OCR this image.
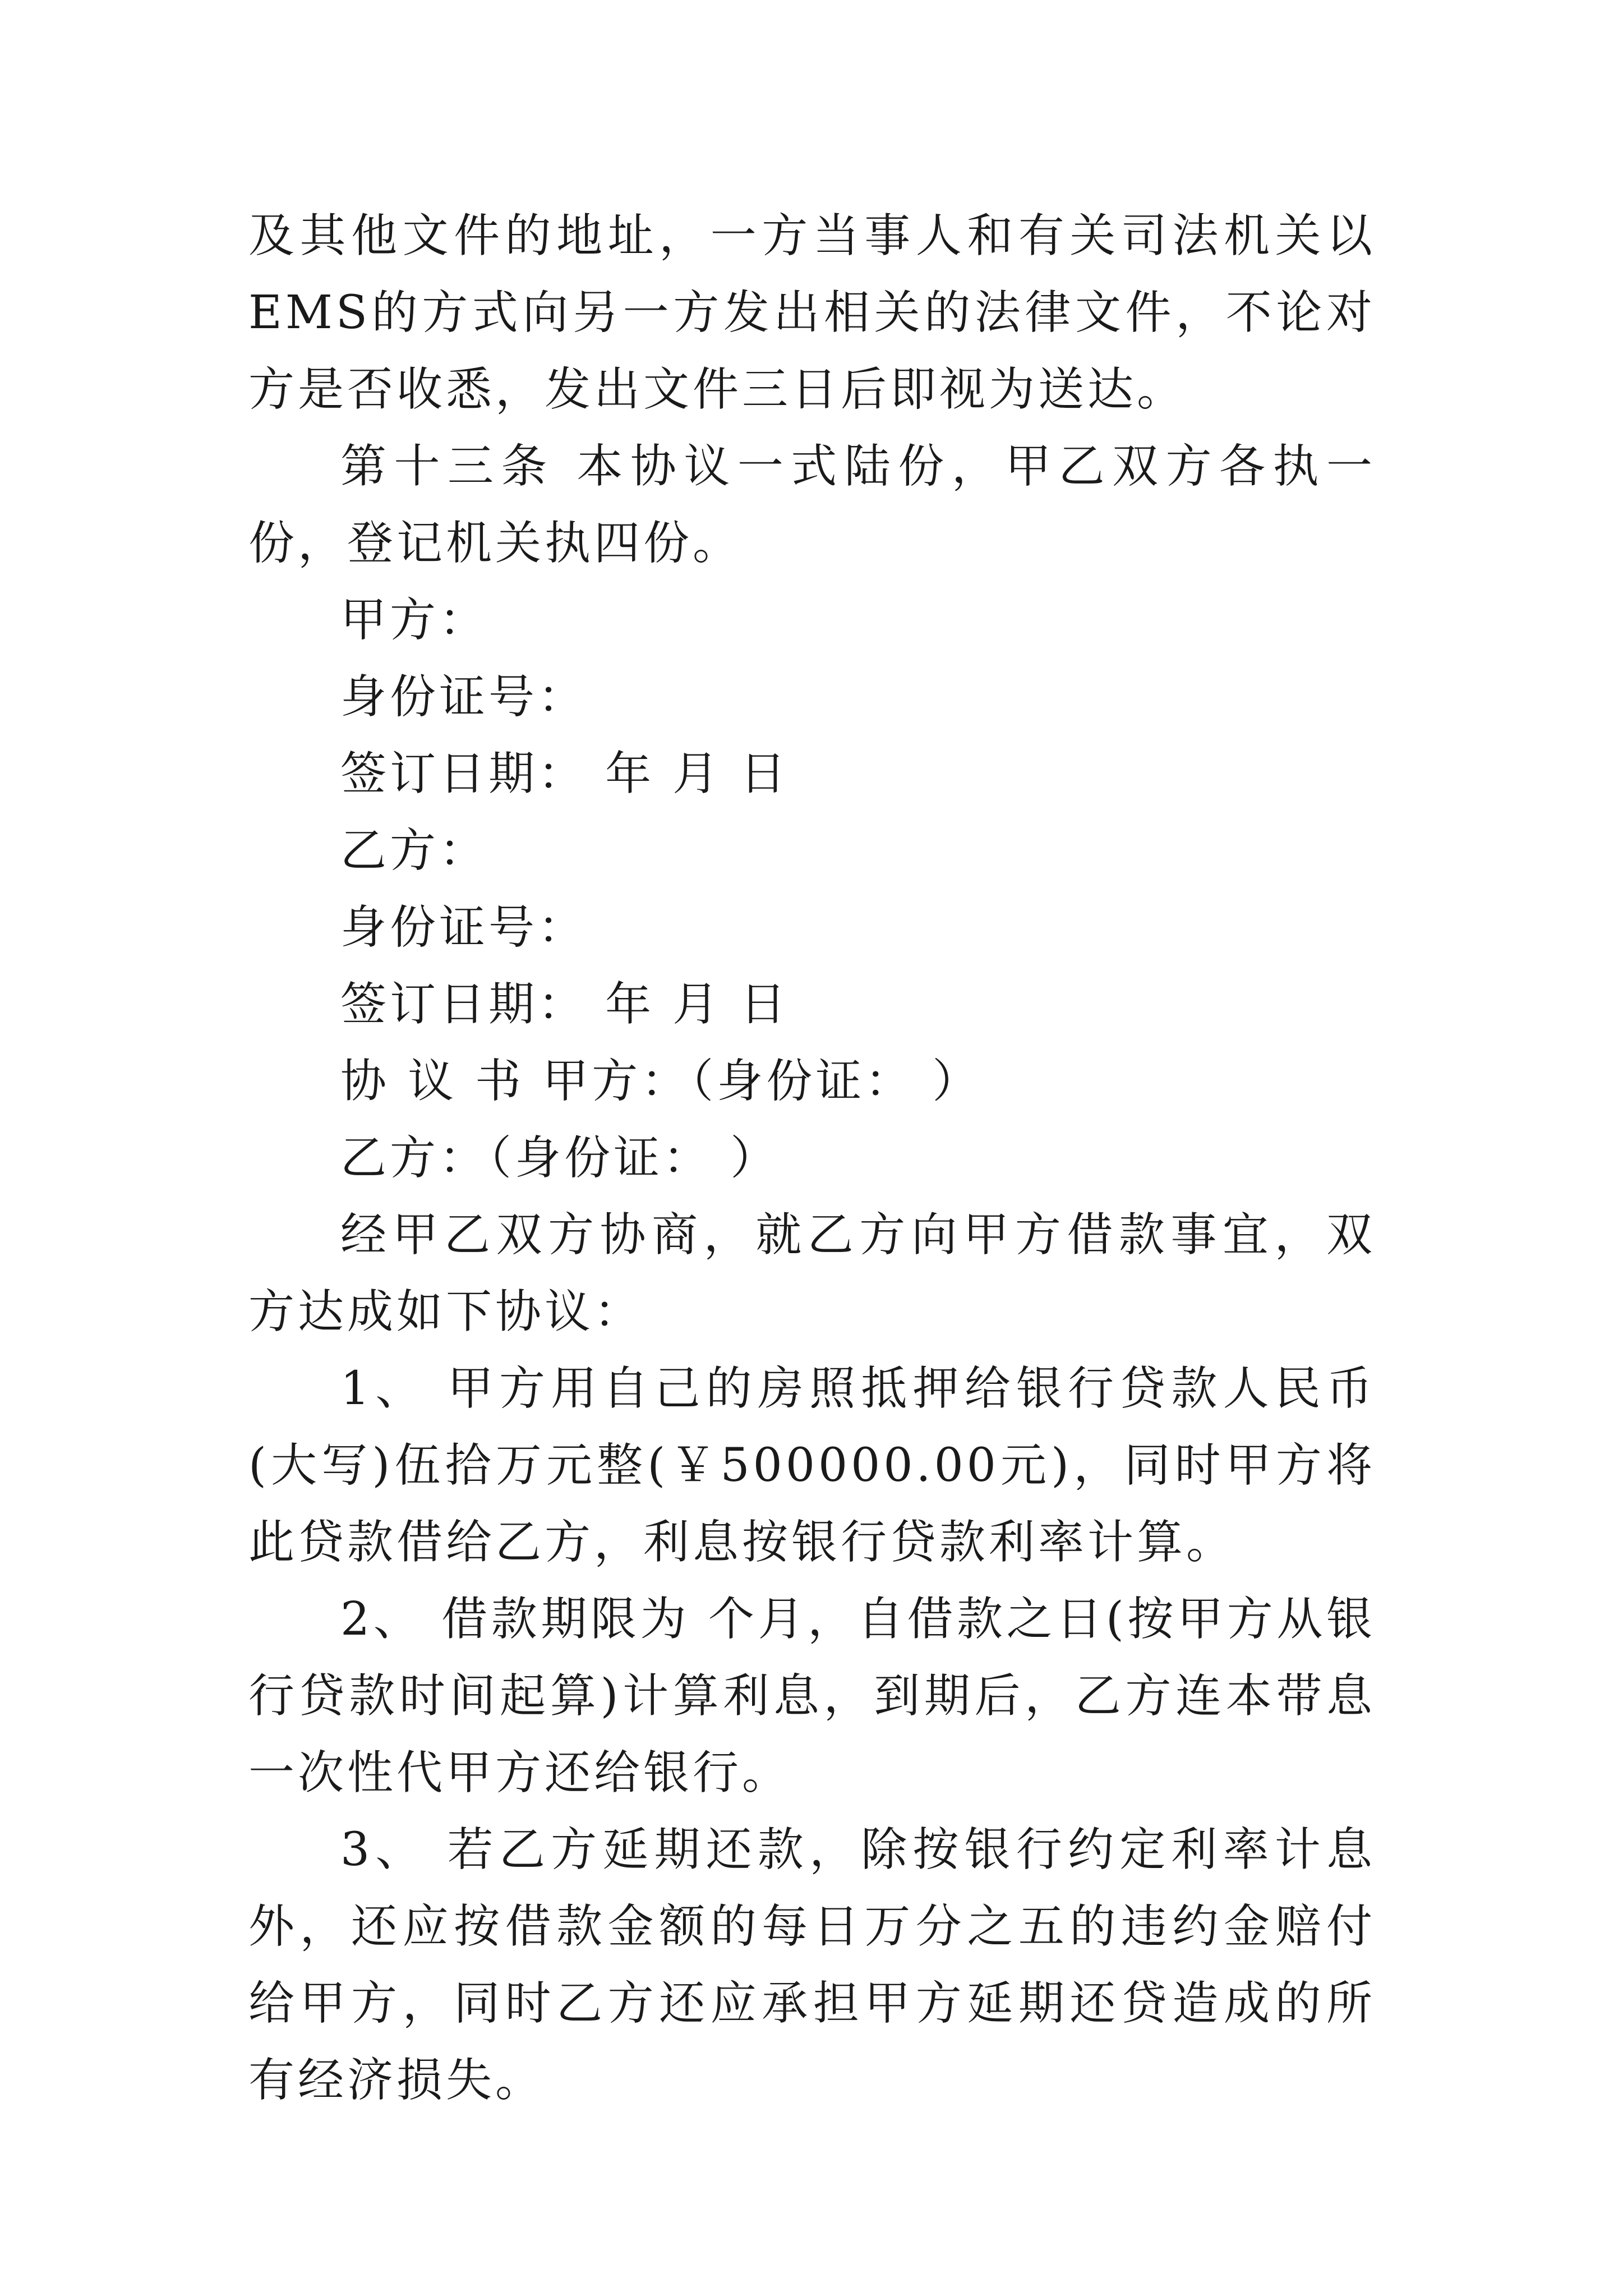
及其他文件的地址，一方当事人和有关司法机关以EMS的方式向另一方发出相关的法律文件，不论对方是否收悉，发出文件三日后即视为送达。

第十三条 本协议一式陆份，甲乙双方各执一份，登记机关执四份。

甲方：

身份证号：

签订日期： 年 月 日

乙方：

身份证号：

签订日期： 年 月 日

协 议 书 甲方：（身份证： ）

乙方：（身份证： ）

经甲乙双方协商，就乙方向甲方借款事宜，双方达成如下协议：

1、 甲方用自己的房照抵押给银行贷款人民币(大写)伍拾万元整(￥500000.00元)，同时甲方将此贷款借给乙方，利息按银行贷款利率计算。

2、 借款期限为 个月，自借款之日(按甲方从银行贷款时间起算)计算利息，到期后，乙方连本带息一次性代甲方还给银行。

3、 若乙方延期还款，除按银行约定利率计息外，还应按借款金额的每日万分之五的违约金赔付给甲方，同时乙方还应承担甲方延期还贷造成的所有经济损失。
